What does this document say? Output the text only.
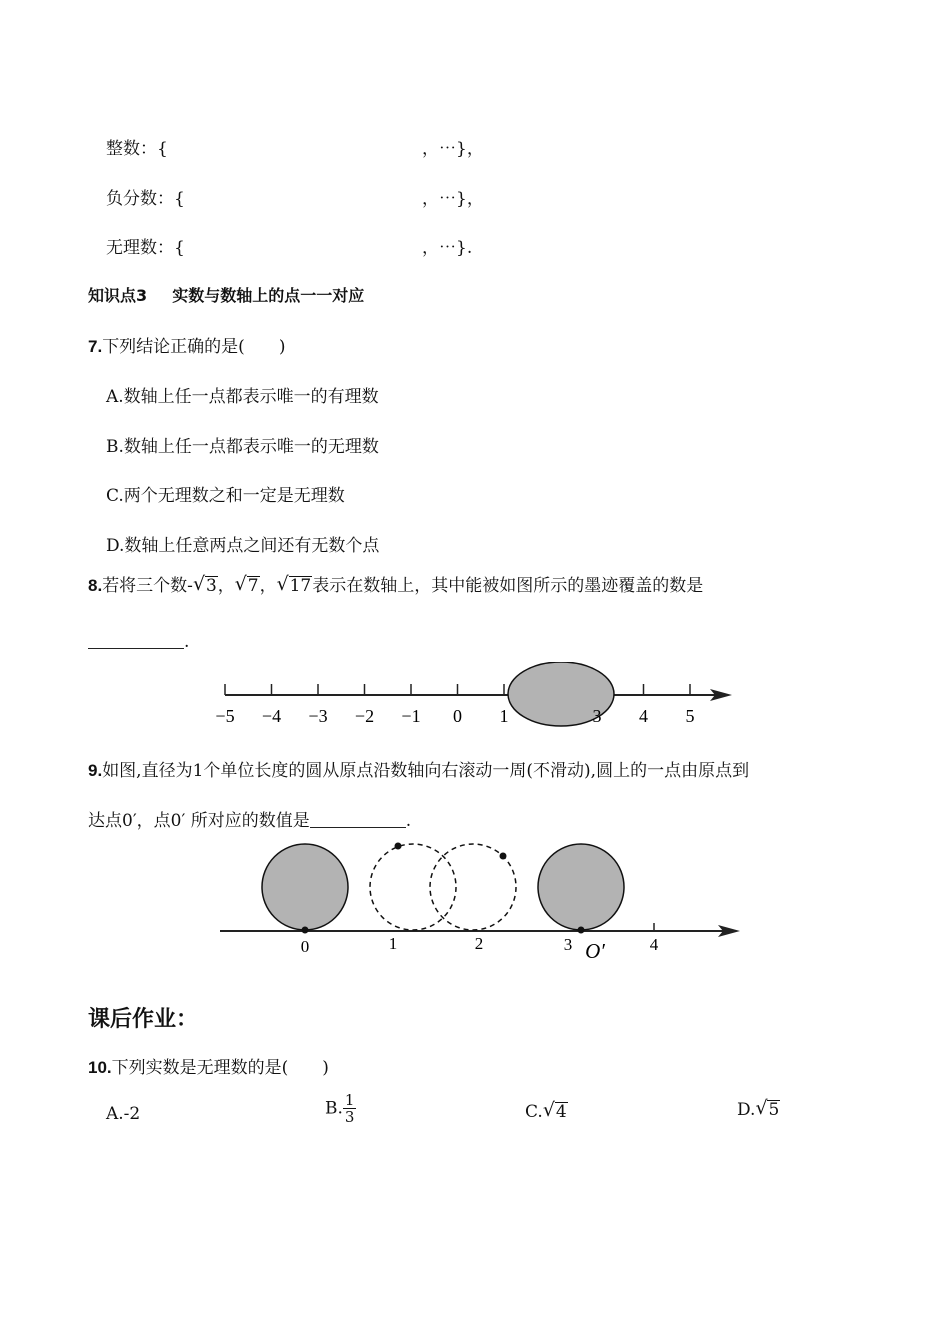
整数：{	，⋯}，
负分数：{	，⋯}，
无理数：{	，⋯}.
知识点3 实数与数轴上的点一一对应
7.下列结论正确的是(　　)
A.数轴上任一点都表示唯一的有理数
B.数轴上任一点都表示唯一的无理数
C.两个无理数之和一定是无理数
D.数轴上任意两点之间还有无数个点
8.若将三个数- √ 3， √ 7， √ 17表示在数轴上，其中能被如图所示的墨迹覆盖的数是
.
−5 −4 −3 −2 −1 0 1	3 4 5
9.如图,直径为1个单位长度的圆从原点沿数轴向右滚动一周(不滑动),圆上的一点由原点到
达点0′，点0′ 所对应的数值是	.
0	1	2	3 O′	4
课后作业：
10.下列实数是无理数的是(　　)
A.-2	B. $\frac{1}{3}$	C. √ 4	D. √ 5
